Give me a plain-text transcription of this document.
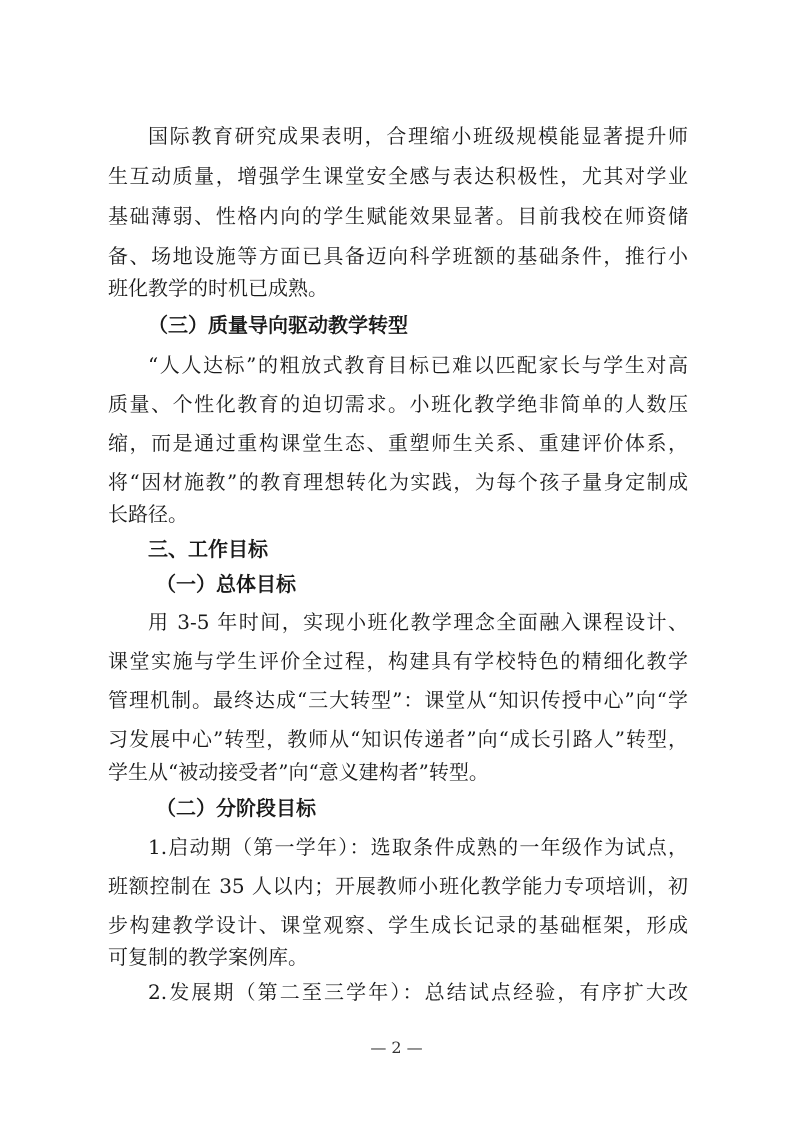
国际教育研究成果表明，合理缩小班级规模能显著提升师
生互动质量，增强学生课堂安全感与表达积极性，尤其对学业
基础薄弱、性格内向的学生赋能效果显著。目前我校在师资储
备、场地设施等方面已具备迈向科学班额的基础条件，推行小
班化教学的时机已成熟。
（三）质量导向驱动教学转型
“人人达标”的粗放式教育目标已难以匹配家长与学生对高
质量、个性化教育的迫切需求。小班化教学绝非简单的人数压
缩，而是通过重构课堂生态、重塑师生关系、重建评价体系，
将“因材施教”的教育理想转化为实践，为每个孩子量身定制成
长路径。
三、工作目标
（一）总体目标
用 3-5 年时间，实现小班化教学理念全面融入课程设计、
课堂实施与学生评价全过程，构建具有学校特色的精细化教学
管理机制。最终达成“三大转型”：课堂从“知识传授中心”向“学
习发展中心”转型，教师从“知识传递者”向“成长引路人”转型，
学生从“被动接受者”向“意义建构者”转型。
（二）分阶段目标
1.启动期（第一学年）：选取条件成熟的一年级作为试点，
班额控制在 35 人以内；开展教师小班化教学能力专项培训，初
步构建教学设计、课堂观察、学生成长记录的基础框架，形成
可复制的教学案例库。
2.发展期（第二至三学年）：总结试点经验，有序扩大改
— 2 —
